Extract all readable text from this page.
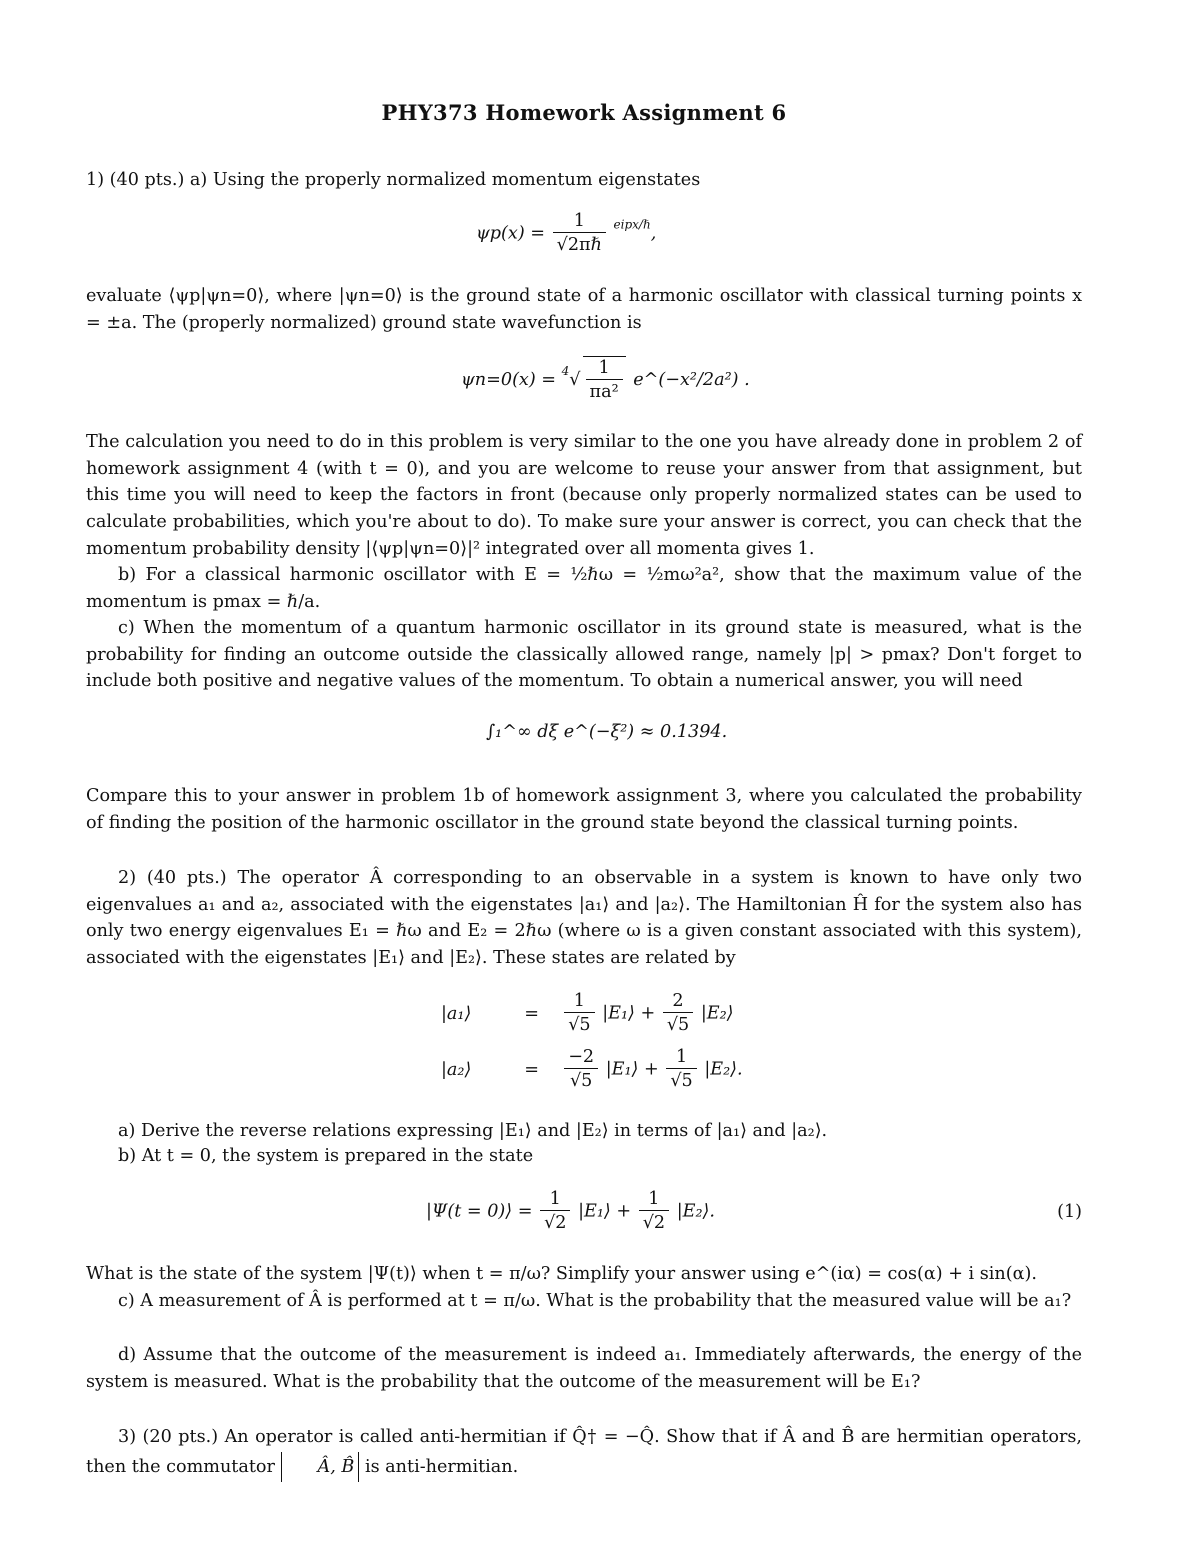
PHY373 Homework Assignment 6
1) (40 pts.) a) Using the properly normalized momentum eigenstates
$\psi p(x) = \frac{1}{\text{√2πℏ}} ^{eipx/\hbar}$,
evaluate ⟨ψp|ψn=0⟩, where |ψn=0⟩ is the ground state of a harmonic oscillator with classical turning points x = ±a. The (properly normalized) ground state wavefunction is
$\psi n=0(x) = ^4√ \frac{1}{\text{πa²}}$ e^(−x²/2a²) .
The calculation you need to do in this problem is very similar to the one you have already done in problem 2 of homework assignment 4 (with t = 0), and you are welcome to reuse your answer from that assignment, but this time you will need to keep the factors in front (because only properly normalized states can be used to calculate probabilities, which you're about to do). To make sure your answer is correct, you can check that the momentum probability density |⟨ψp|ψn=0⟩|² integrated over all momenta gives 1.
b) For a classical harmonic oscillator with E = ½ℏω = ½mω²a², show that the maximum value of the momentum is pmax = ℏ/a.
c) When the momentum of a quantum harmonic oscillator in its ground state is measured, what is the probability for finding an outcome outside the classically allowed range, namely |p| > pmax? Don't forget to include both positive and negative values of the momentum. To obtain a numerical answer, you will need
∫₁^∞ dξ e^(−ξ²) ≈ 0.1394.
Compare this to your answer in problem 1b of homework assignment 3, where you calculated the probability of finding the position of the harmonic oscillator in the ground state beyond the classical turning points.
2) (40 pts.) The operator Â corresponding to an observable in a system is known to have only two eigenvalues a₁ and a₂, associated with the eigenstates |a₁⟩ and |a₂⟩. The Hamiltonian Ĥ for the system also has only two energy eigenvalues E₁ = ℏω and E₂ = 2ℏω (where ω is a given constant associated with this system), associated with the eigenstates |E₁⟩ and |E₂⟩. These states are related by
|a₁⟩	= $\frac{1}{√5}$ |E₁⟩ + $\frac{2}{√5}$ |E₂⟩
|a₂⟩	= $\frac{-2}{√5}$ |E₁⟩ + $\frac{1}{√5}$ |E₂⟩.
a) Derive the reverse relations expressing |E₁⟩ and |E₂⟩ in terms of |a₁⟩ and |a₂⟩.
b) At t = 0, the system is prepared in the state
|Ψ(t = 0)⟩ = $\frac{1}{√2}$ |E₁⟩ + $\frac{1}{√2}$ |E₂⟩.	(1)
What is the state of the system |Ψ(t)⟩ when t = π/ω? Simplify your answer using e^(iα) = cos(α) + i sin(α).
c) A measurement of Â is performed at t = π/ω. What is the probability that the measured value will be a₁?
d) Assume that the outcome of the measurement is indeed a₁. Immediately afterwards, the energy of the system is measured. What is the probability that the outcome of the measurement will be E₁?
3) (20 pts.) An operator is called anti-hermitian if Q̂† = −Q̂. Show that if Â and B̂ are hermitian operators, then the commutator Â, B̂ is anti-hermitian.
